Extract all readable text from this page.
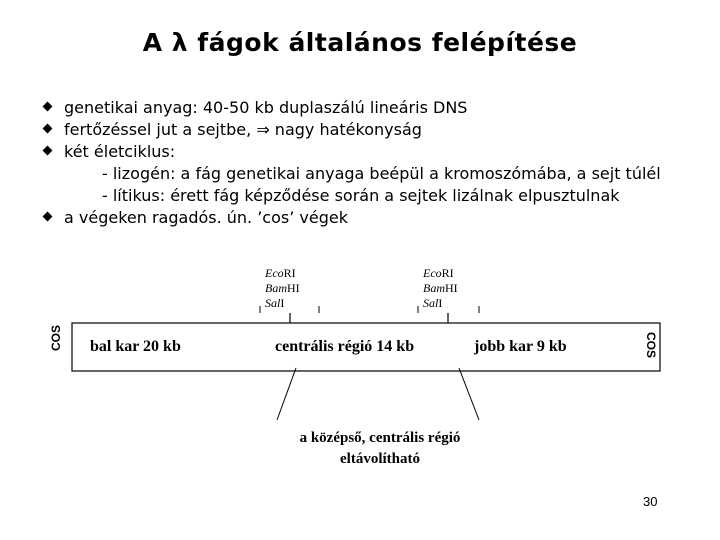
A λ fágok általános felépítése
genetikai anyag: 40-50 kb duplaszálú lineáris DNS
fertőzéssel jut a sejtbe, ⇒ nagy hatékonyság
két életciklus:
- lizogén: a fág genetikai anyaga beépül a kromoszómába, a sejt túlél
- lítikus: érett fág képződése során a sejtek lizálnak elpusztulnak
a végeken ragadós. ún. ’cos’ végek
EcoRI
BamHI
SalI
EcoRI
BamHI
SalI
COS	COS
bal kar 20 kb	centrális régió 14 kb	jobb kar 9 kb
a középső, centrális régió
eltávolítható
30
